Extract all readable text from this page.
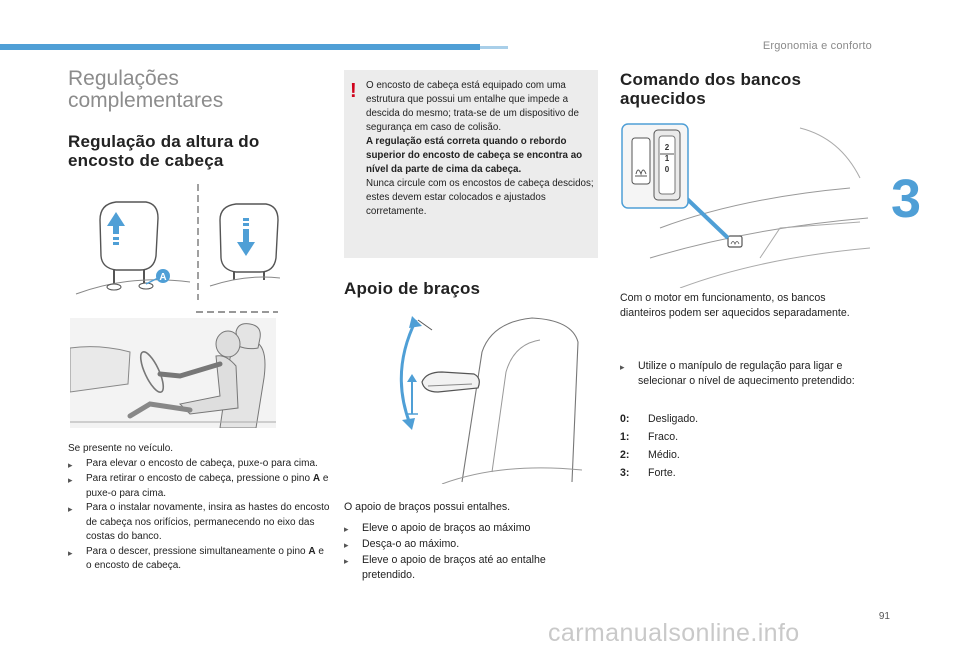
Ergonomia e conforto
3
91
carmanualsonline.info
Regulações
complementares
Regulação da altura do
encosto de cabeça
A
Se presente no veículo.
▸	Para elevar o encosto de cabeça, puxe-o para cima.
▸	Para retirar o encosto de cabeça, pressione o pino A e puxe-o para cima.
▸	Para o instalar novamente, insira as hastes do encosto de cabeça nos orifícios, permanecendo no eixo das costas do banco.
▸	Para o descer, pressione simultaneamente o pino A e o encosto de cabeça.
! O encosto de cabeça está equipado com uma estrutura que possui um entalhe que impede a descida do mesmo; trata-se de um dispositivo de segurança em caso de colisão.

A regulação está correta quando o rebordo superior do encosto de cabeça se encontra ao nível da parte de cima da cabeça.

Nunca circule com os encostos de cabeça descidos; estes devem estar colocados e ajustados corretamente.

Apoio de braços
O apoio de braços possui entalhes.
▸	Eleve o apoio de braços ao máximo
▸	Desça-o ao máximo.
▸	Eleve o apoio de braços até ao entalhe pretendido.
Comando dos bancos
aquecidos
2
1
0
Com o motor em funcionamento, os bancos dianteiros podem ser aquecidos separadamente.
▸	Utilize o manípulo de regulação para ligar e selecionar o nível de aquecimento pretendido:
0:	Desligado.
1:	Fraco.
2:	Médio.
3:	Forte.
